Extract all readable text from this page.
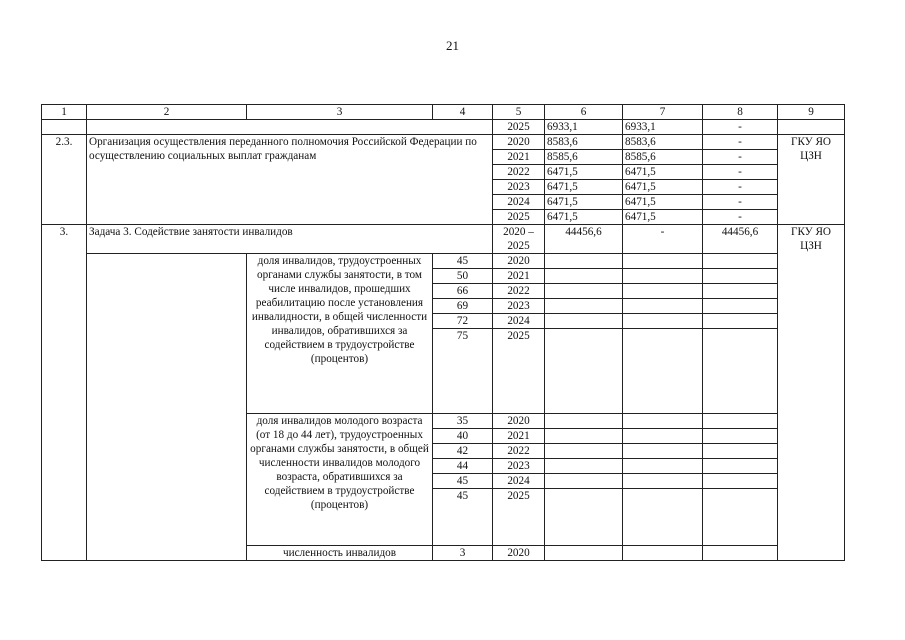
21
1	2	3	4	5	6	7	8	9
				2025	6933,1	6933,1	-	
2.3.	Организация осуществления переданного полномочия Российской Федерации по осуществлению социальных выплат гражданам			2020	8583,6	8583,6	-	ГКУ ЯО ЦЗН
				2021	8585,6	8585,6	-	
				2022	6471,5	6471,5	-	
				2023	6471,5	6471,5	-	
				2024	6471,5	6471,5	-	
				2025	6471,5	6471,5	-	
3.	Задача 3. Содействие занятости инвалидов			2020 – 2025	44456,6	-	44456,6	ГКУ ЯО ЦЗН
		доля инвалидов, трудоустроенных органами службы занятости, в том числе инвалидов, прошедших реабилитацию после установления инвалидности, в общей численности инвалидов, обратившихся за содействием в трудоустройстве (процентов)	45	2020				
			50	2021				
			66	2022				
			69	2023				
			72	2024				
			75	2025				
		доля инвалидов молодого возраста (от 18 до 44 лет), трудоустроенных органами службы занятости, в общей численности инвалидов молодого возраста, обратившихся за содействием в трудоустройстве (процентов)	35	2020				
			40	2021				
			42	2022				
			44	2023				
			45	2024				
			45	2025				
		численность инвалидов	3	2020				
